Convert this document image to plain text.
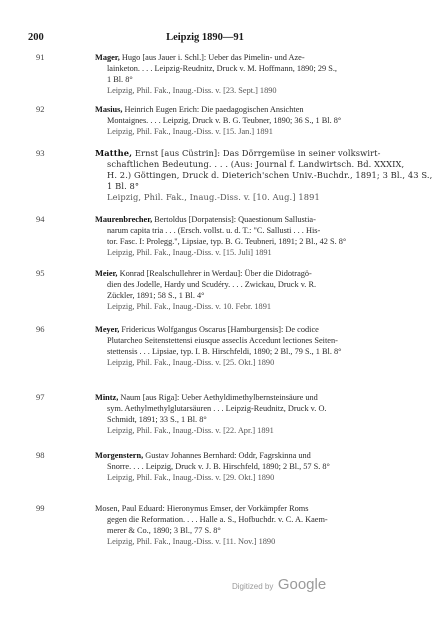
200	Leipzig 1890—91
91	Mager, Hugo [aus Jauer i. Schl.]: Ueber das Pimelin- und Aze-
lainketon. . . . Leipzig-Reudnitz, Druck v. M. Hoffmann, 1890; 29 S.,
1 Bl. 8°
Leipzig, Phil. Fak., Inaug.-Diss. v. [23. Sept.] 1890
92	Masius, Heinrich Eugen Erich: Die paedagogischen Ansichten
Montaignes. . . . Leipzig, Druck v. B. G. Teubner, 1890; 36 S., 1 Bl. 8°
Leipzig, Phil. Fak., Inaug.-Diss. v. [15. Jan.] 1891
93	Matthe, Ernst [aus Cüstrin]: Das Dörrgemüse in seiner volkswirt-
schaftlichen Bedeutung. . . . (Aus: Journal f. Landwirtsch. Bd. XXXIX,
H. 2.) Göttingen, Druck d. Dieterich'schen Univ.-Buchdr., 1891; 3 Bl., 43 S.,
1 Bl. 8°
Leipzig, Phil. Fak., Inaug.-Diss. v. [10. Aug.] 1891
94	Maurenbrecher, Bertoldus [Dorpatensis]: Quaestionum Sallustia-
narum capita tria . . . (Ersch. vollst. u. d. T.: "C. Sallusti . . . His-
tor. Fasc. I: Prolegg.", Lipsiae, typ. B. G. Teubneri, 1891; 2 Bl., 42 S. 8°
Leipzig, Phil. Fak., Inaug.-Diss. v. [15. Juli] 1891
95	Meier, Konrad [Realschullehrer in Werdau]: Über die Didotragö-
dien des Jodelle, Hardy und Scudéry. . . . Zwickau, Druck v. R.
Zückler, 1891; 58 S., 1 Bl. 4°
Leipzig, Phil. Fak., Inaug.-Diss. v. 10. Febr. 1891
96	Meyer, Fridericus Wolfgangus Oscarus [Hamburgensis]: De codice
Plutarcheo Seitenstettensi eiusque asseclis Accedunt lectiones Seiten-
stettensis . . . Lipsiae, typ. I. B. Hirschfeldi, 1890; 2 Bl., 79 S., 1 Bl. 8°
Leipzig, Phil. Fak., Inaug.-Diss. v. [25. Okt.] 1890
97	Mintz, Naum [aus Riga]: Ueber Aethyldimethylbernsteinsäure und
sym. Aethylmethylglutarsäuren . . . Leipzig-Reudnitz, Druck v. O.
Schmidt, 1891; 33 S., 1 Bl. 8°
Leipzig, Phil. Fak., Inaug.-Diss. v. [22. Apr.] 1891
98	Morgenstern, Gustav Johannes Bernhard: Oddr, Fagrskinna und
Snorre. . . . Leipzig, Druck v. J. B. Hirschfeld, 1890; 2 Bl., 57 S. 8°
Leipzig, Phil. Fak., Inaug.-Diss. v. [29. Okt.] 1890
99	Mosen, Paul Eduard: Hieronymus Emser, der Vorkämpfer Roms
gegen die Reformation. . . . Halle a. S., Hofbuchdr. v. C. A. Kaem-
merer & Co., 1890; 3 Bl., 77 S. 8°
Leipzig, Phil. Fak., Inaug.-Diss. v. [11. Nov.] 1890
Digitized by Google
